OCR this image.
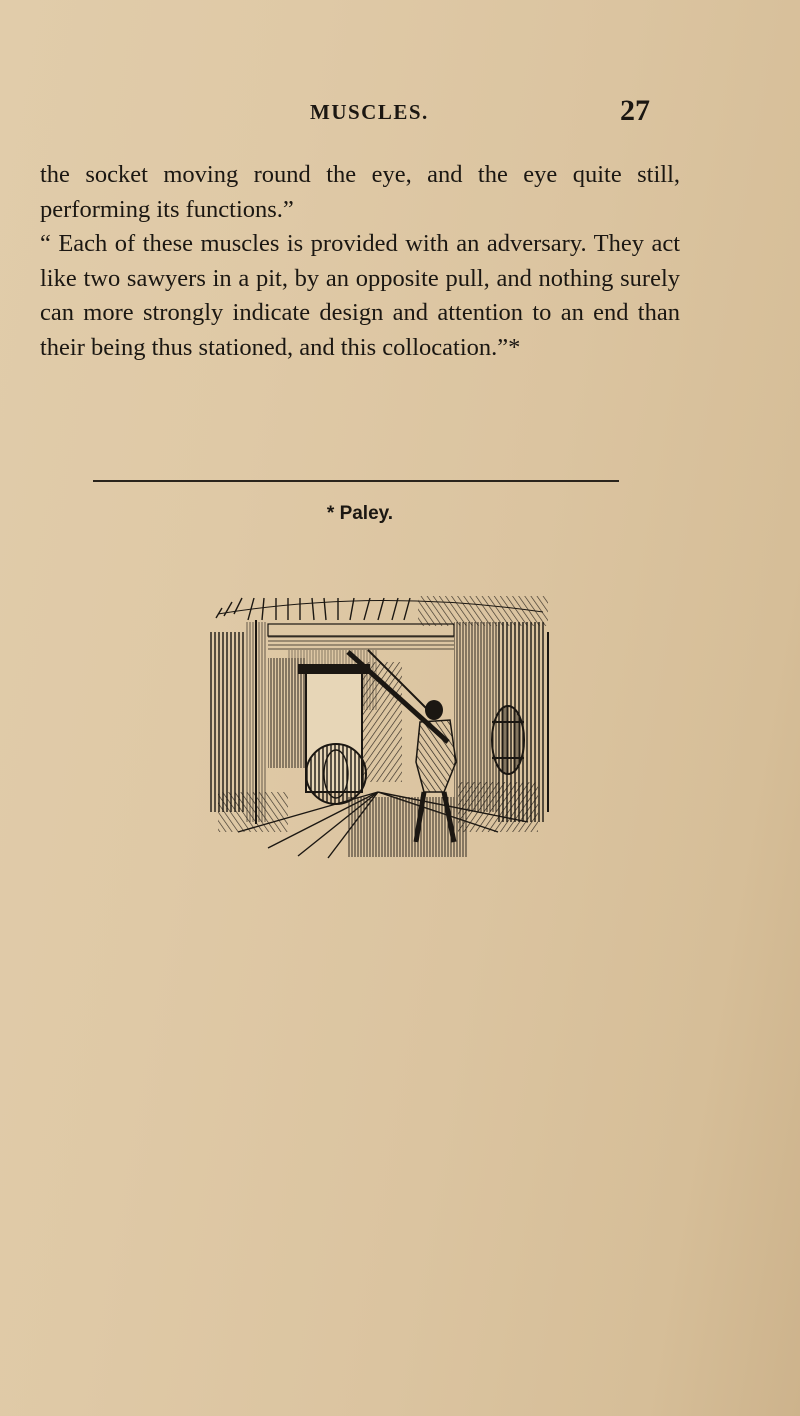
MUSCLES.	27

the socket moving round the eye, and the eye quite still, performing its functions.”

“ Each of these muscles is provided with an adversary. They act like two sawyers in a pit, by an opposite pull, and nothing surely can more strongly indicate design and attention to an end than their being thus stationed, and this collocation.”*

* Paley.
